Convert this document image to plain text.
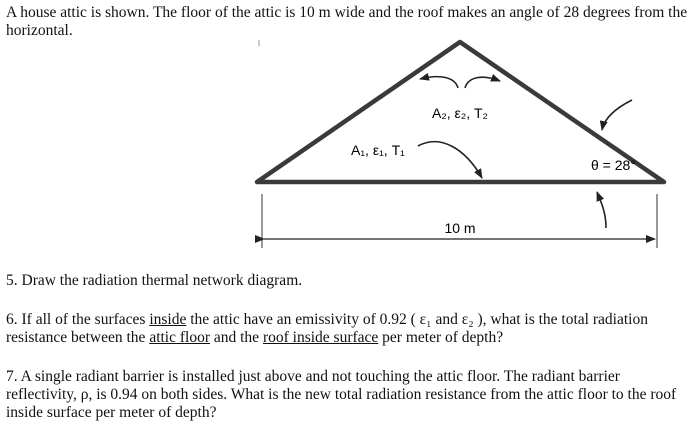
A house attic is shown. The floor of the attic is 10 m wide and the roof makes an angle of 28 degrees from the horizontal.
10 m
A₂, ε₂, T₂
A₁, ε₁, T₁
θ = 28°
5. Draw the radiation thermal network diagram.
6. If all of the surfaces inside the attic have an emissivity of 0.92 ( ε₁ and ε₂ ), what is the total radiation resistance between the attic floor and the roof inside surface per meter of depth?
7. A single radiant barrier is installed just above and not touching the attic floor. The radiant barrier reflectivity, ρ, is 0.94 on both sides. What is the new total radiation resistance from the attic floor to the roof inside surface per meter of depth?
